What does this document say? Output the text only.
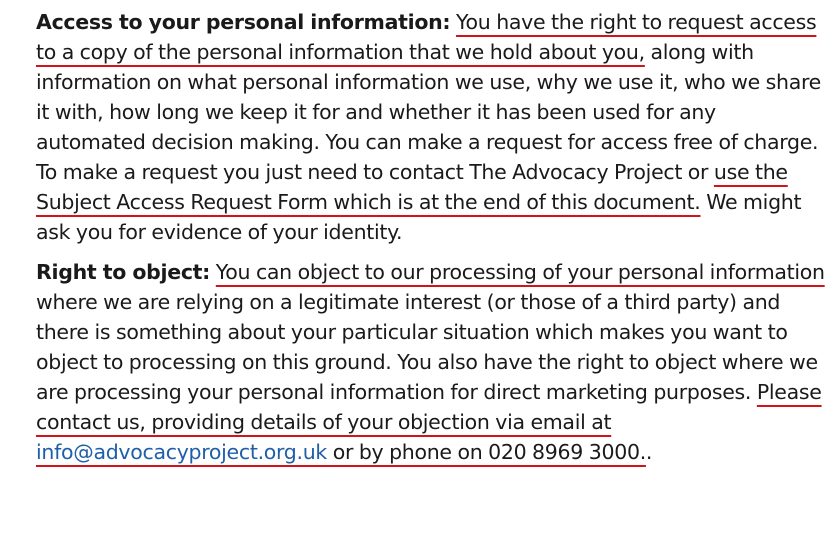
Access to your personal information: You have the right to request access to a copy of the personal information that we hold about you, along with information on what personal information we use, why we use it, who we share it with, how long we keep it for and whether it has been used for any automated decision making. You can make a request for access free of charge. To make a request you just need to contact The Advocacy Project or use the Subject Access Request Form which is at the end of this document. We might ask you for evidence of your identity.

Right to object: You can object to our processing of your personal information where we are relying on a legitimate interest (or those of a third party) and there is something about your particular situation which makes you want to object to processing on this ground. You also have the right to object where we are processing your personal information for direct marketing purposes. Please contact us, providing details of your objection via email at info@advocacyproject.org.uk or by phone on 020 8969 3000..
